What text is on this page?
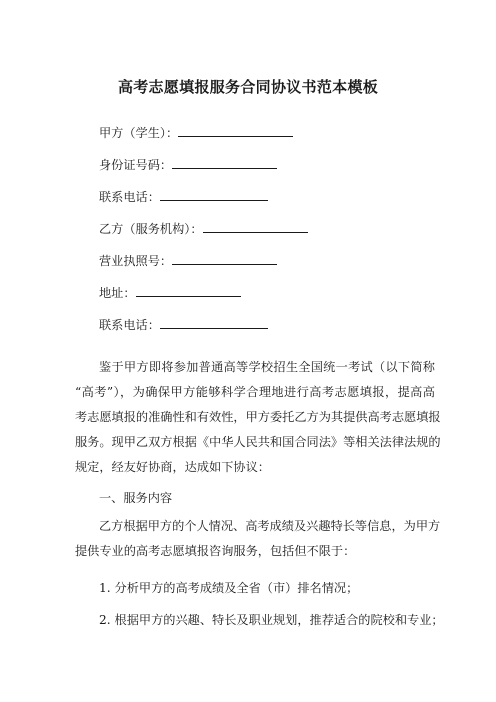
高考志愿填报服务合同协议书范本模板
甲方（学生）：
身份证号码：
联系电话：
乙方（服务机构）：
营业执照号：
地址：
联系电话：
鉴于甲方即将参加普通高等学校招生全国统一考试（以下简称
“高考”），为确保甲方能够科学合理地进行高考志愿填报，提高高
考志愿填报的准确性和有效性，甲方委托乙方为其提供高考志愿填报
服务。现甲乙双方根据《中华人民共和国合同法》等相关法律法规的
规定，经友好协商，达成如下协议：
一、服务内容
乙方根据甲方的个人情况、高考成绩及兴趣特长等信息，为甲方
提供专业的高考志愿填报咨询服务，包括但不限于：
1. 分析甲方的高考成绩及全省（市）排名情况；
2. 根据甲方的兴趣、特长及职业规划，推荐适合的院校和专业；
